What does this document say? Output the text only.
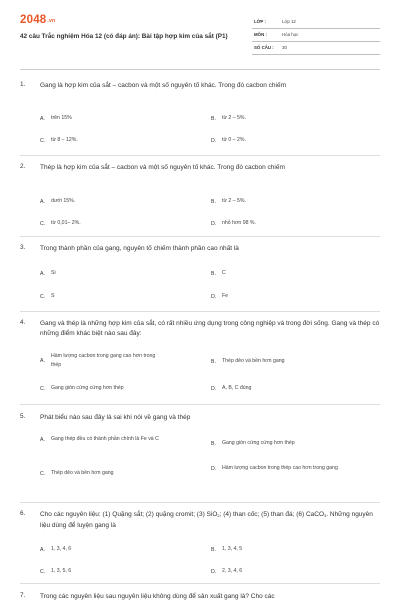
2048.vn
42 câu Trắc nghiệm Hóa 12 (có đáp án): Bài tập hợp kim của sắt (P1)
LỚP :	Lớp 12
MÔN :	Hóa học
SỐ CÂU : 30
1. Gang là hợp kim của sắt – cacbon và một số nguyên tố khác. Trong đó cacbon chiếm
A.	trên 15%	B.	từ 2 – 5%.
C.	từ 8 – 12%.	D.	từ 0 – 2%.
2. Thép là hợp kim của sắt – cacbon và một số nguyên tố khác. Trong đó cacbon chiếm
A.	dưới 15%.	B.	từ 2 – 5%.
C.	từ 0,01– 2%.	D.	nhỏ hơn 98 %.
3. Trong thành phần của gang, nguyên tố chiếm thành phần cao nhất là
A.	Si	B.	C
C.	S	D.	Fe
4. Gang và thép là những hợp kim của sắt, có rất nhiều ứng dụng trong công nghiệp và trong đời sống. Gang và thép có những điểm khác biệt nào sau đây:
A.
Hàm lượng cacbon trong gang cao hơn trong thép
B.	Thép dẻo và bền hơn gang
C.	Gang giòn cứng cứng hơn thép	D.	A, B, C đúng
5. Phát biểu nào sau đây là sai khi nói về gang và thép
A.	Gang thép đều có thành phần chính là Fe và C
B.	Gang giòn cứng cứng hơn thép
C.	Thép dẻo và bền hơn gang
D.	Hàm lượng cacbon trong thép cao hơn trong gang
6. Cho các nguyên liệu: (1) Quặng sắt; (2) quặng cromit; (3) SiO$_2$; (4) than cốc; (5) than đá; (6) CaCO$_3$. Những nguyên liệu dùng để luyện gang là
A.	1, 3, 4, 6	B.	1, 3, 4, 5
C.	1, 3, 5, 6	D.	2, 3, 4, 6
7. Trong các nguyên liệu sau nguyên liệu không dùng để sản xuất gang là? Cho các
